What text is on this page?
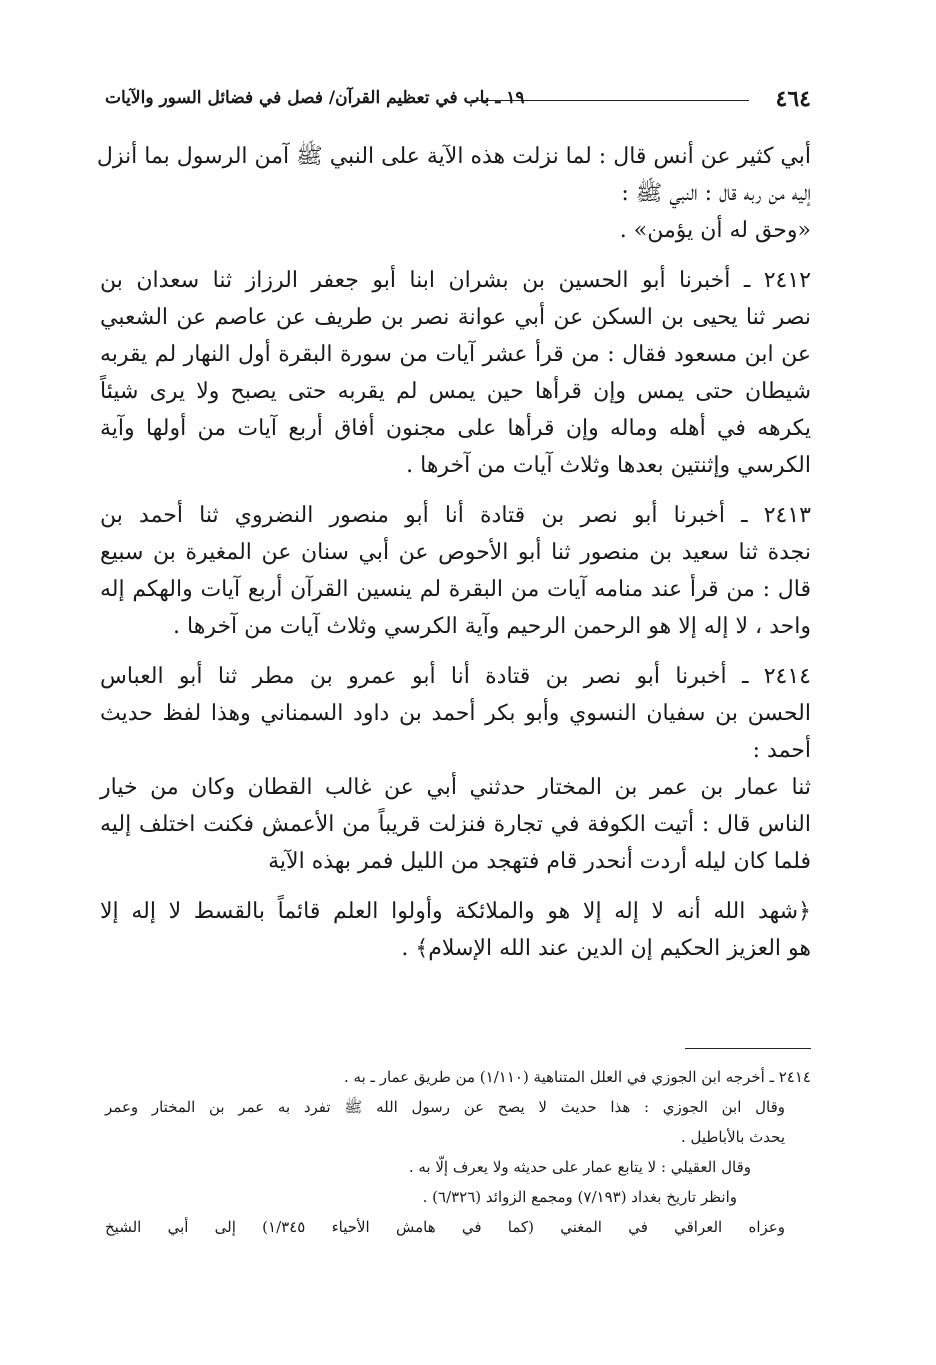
٤٦٤
١٩ ـ باب في تعظيم القرآن/ فصل في فضائل السور والآيات
أبي كثير عن أنس قال : لما نزلت هذه الآية على النبي ﷺ آمن الرسول بما أنزل
إليه من ربه قال : النبي ﷺ :
«وحق له أن يؤمن» .
٢٤١٢ ـ أخبرنا أبو الحسين بن بشران ابنا أبو جعفر الرزاز ثنا سعدان بن
نصر ثنا يحيى بن السكن عن أبي عوانة نصر بن طريف عن عاصم عن الشعبي
عن ابن مسعود فقال : من قرأ عشر آيات من سورة البقرة أول النهار لم يقربه
شيطان حتى يمس وإن قرأها حين يمس لم يقربه حتى يصبح ولا يرى شيئاً
يكرهه في أهله وماله وإن قرأها على مجنون أفاق أربع آيات من أولها وآية
الكرسي وإثنتين بعدها وثلاث آيات من آخرها .
٢٤١٣ ـ أخبرنا أبو نصر بن قتادة أنا أبو منصور النضروي ثنا أحمد بن
نجدة ثنا سعيد بن منصور ثنا أبو الأحوص عن أبي سنان عن المغيرة بن سبيع
قال : من قرأ عند منامه آيات من البقرة لم ينسين القرآن أربع آيات والهكم إله
واحد ، لا إله إلا هو الرحمن الرحيم وآية الكرسي وثلاث آيات من آخرها .
٢٤١٤ ـ أخبرنا أبو نصر بن قتادة أنا أبو عمرو بن مطر ثنا أبو العباس
الحسن بن سفيان النسوي وأبو بكر أحمد بن داود السمناني وهذا لفظ حديث
أحمد :
ثنا عمار بن عمر بن المختار حدثني أبي عن غالب القطان وكان من خيار
الناس قال : أتيت الكوفة في تجارة فنزلت قريباً من الأعمش فكنت اختلف إليه
فلما كان ليله أردت أنحدر قام فتهجد من الليل فمر بهذه الآية
﴿شهد الله أنه لا إله إلا هو والملائكة وأولوا العلم قائماً بالقسط لا إله إلا
هو العزيز الحكيم إن الدين عند الله الإسلام﴾ .
٢٤١٤ ـ أخرجه ابن الجوزي في العلل المتناهية (١/١١٠) من طريق عمار ـ به .
وقال ابن الجوزي : هذا حديث لا يصح عن رسول الله ﷺ تفرد به عمر بن المختار وعمر
يحدث بالأباطيل .
وقال العقيلي : لا يتابع عمار على حديثه ولا يعرف إلّا به .
وانظر تاريخ بغداد (٧/١٩٣) ومجمع الزوائد (٦/٣٢٦) .
وعزاه العراقي في المغني (كما في هامش الأحياء ١/٣٤٥) إلى أبي الشيخ
